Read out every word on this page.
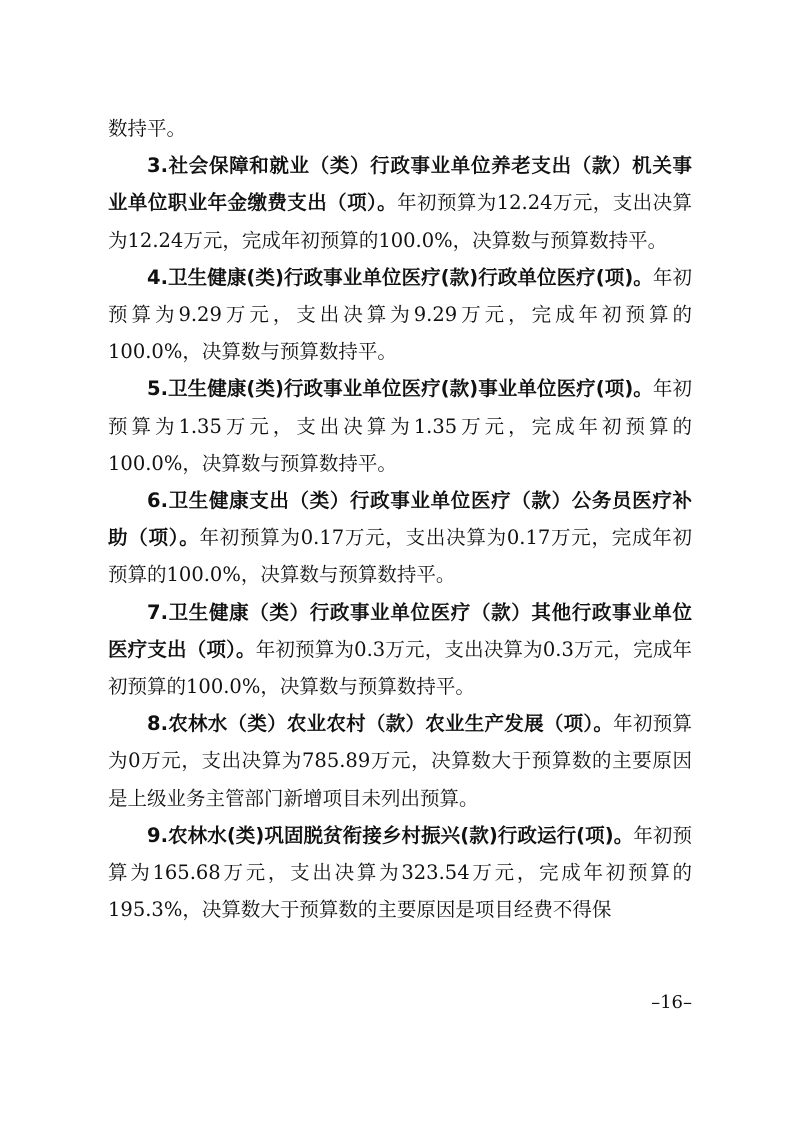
数持平。

3.社会保障和就业（类）行政事业单位养老支出（款）机关事业单位职业年金缴费支出（项）。年初预算为12.24万元，支出决算为12.24万元，完成年初预算的100.0%，决算数与预算数持平。

4.卫生健康(类)行政事业单位医疗(款)行政单位医疗(项)。年初预算为9.29万元，支出决算为9.29万元，完成年初预算的100.0%，决算数与预算数持平。

5.卫生健康(类)行政事业单位医疗(款)事业单位医疗(项)。年初预算为1.35万元，支出决算为1.35万元，完成年初预算的100.0%，决算数与预算数持平。

6.卫生健康支出（类）行政事业单位医疗（款）公务员医疗补助（项）。年初预算为0.17万元，支出决算为0.17万元，完成年初预算的100.0%，决算数与预算数持平。

7.卫生健康（类）行政事业单位医疗（款）其他行政事业单位医疗支出（项）。年初预算为0.3万元，支出决算为0.3万元，完成年初预算的100.0%，决算数与预算数持平。

8.农林水（类）农业农村（款）农业生产发展（项）。年初预算为0万元，支出决算为785.89万元，决算数大于预算数的主要原因是上级业务主管部门新增项目未列出预算。

9.农林水(类)巩固脱贫衔接乡村振兴(款)行政运行(项)。年初预算为165.68万元，支出决算为323.54万元，完成年初预算的195.3%，决算数大于预算数的主要原因是项目经费不得保

–16–
